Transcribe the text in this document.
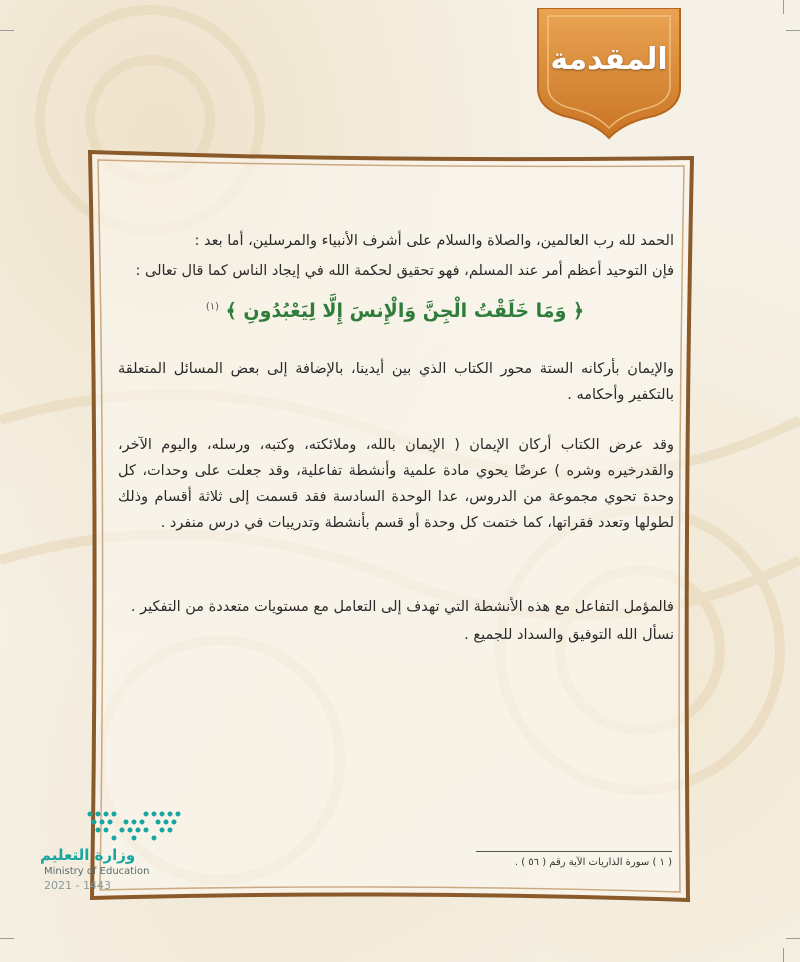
المقدمة
الحمد لله رب العالمين، والصلاة والسلام على أشرف الأنبياء والمرسلين، أما بعد :
فإن التوحيد أعظم أمر عند المسلم، فهو تحقيق لحكمة الله في إيجاد الناس كما قال تعالى :
﴿ وَمَا خَلَقْتُ الْجِنَّ وَالْإِنسَ إِلَّا لِيَعْبُدُونِ ﴾ $^{(١)}$
والإيمان بأركانه الستة محور الكتاب الذي بين أيدينا، بالإضافة إلى بعض المسائل المتعلقة بالتكفير وأحكامه .
وقد عرض الكتاب أركان الإيمان ( الإيمان بالله، وملائكته، وكتبه، ورسله، واليوم الآخر، والقدرخيره وشره ) عرضًا يحوي مادة علمية وأنشطة تفاعلية، وقد جعلت على وحدات، كل وحدة تحوي مجموعة من الدروس، عدا الوحدة السادسة فقد قسمت إلى ثلاثة أقسام وذلك لطولها وتعدد فقراتها، كما ختمت كل وحدة أو قسم بأنشطة وتدريبات في درس منفرد .
فالمؤمل التفاعل مع هذه الأنشطة التي تهدف إلى التعامل مع مستويات متعددة من التفكير .
نسأل الله التوفيق والسداد للجميع .
( ١ ) سورة الذاريات الآية رقم ( ٥٦ ) .
وزارة التعليم
Ministry of Education
2021 - 1443
